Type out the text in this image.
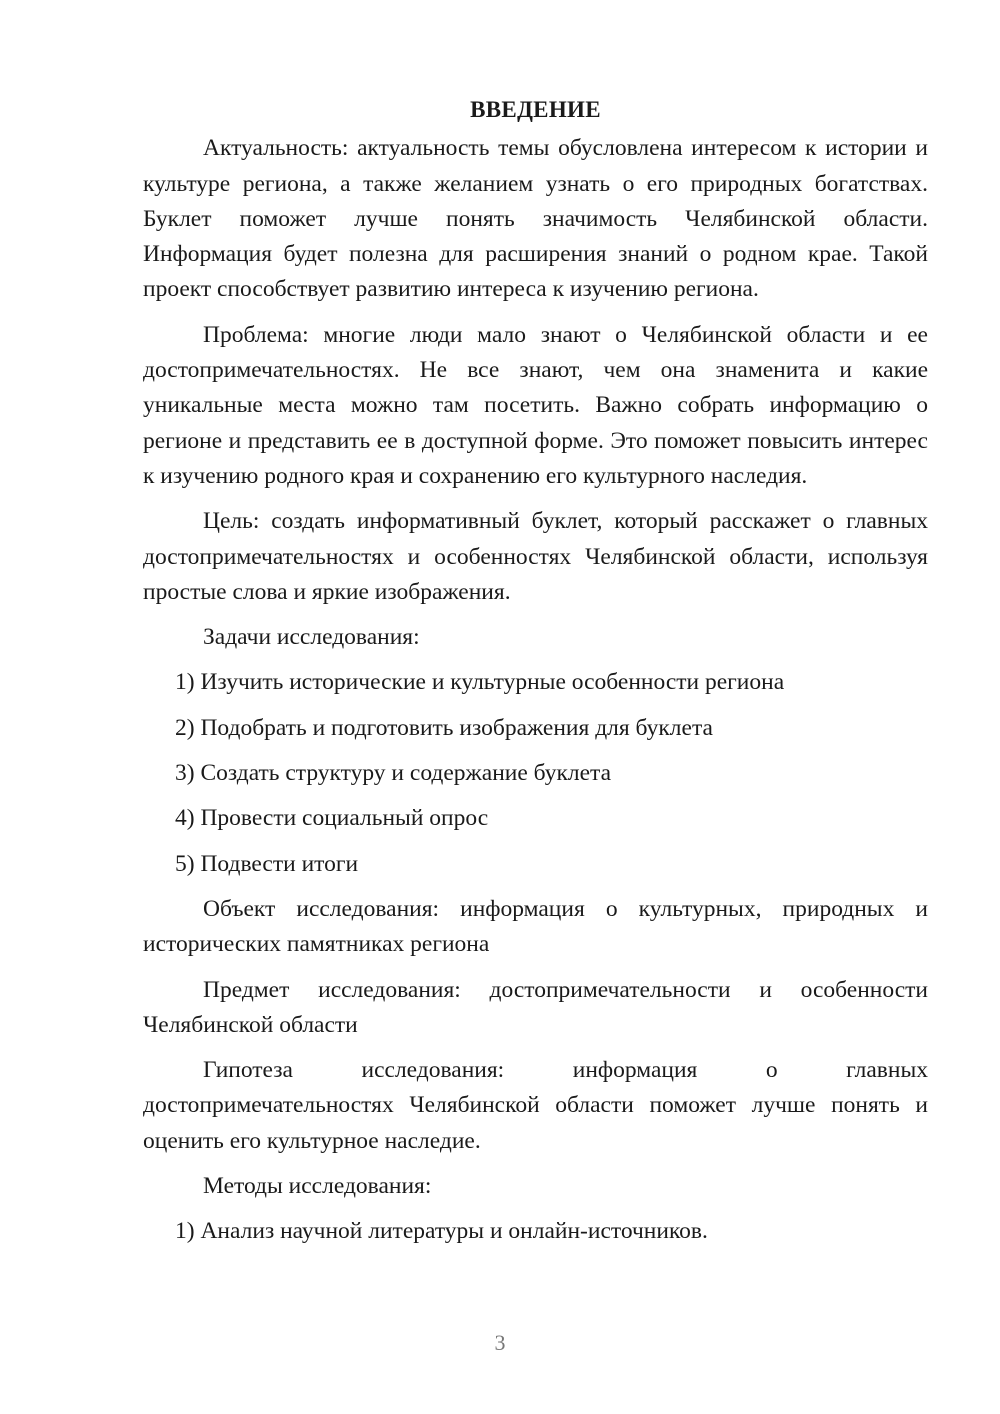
ВВЕДЕНИЕ

Актуальность: актуальность темы обусловлена интересом к истории и культуре региона, а также желанием узнать о его природных богатствах. Буклет поможет лучше понять значимость Челябинской области. Информация будет полезна для расширения знаний о родном крае. Такой проект способствует развитию интереса к изучению региона.

Проблема: многие люди мало знают о Челябинской области и ее достопримечательностях. Не все знают, чем она знаменита и какие уникальные места можно там посетить. Важно собрать информацию о регионе и представить ее в доступной форме. Это поможет повысить интерес к изучению родного края и сохранению его культурного наследия.

Цель: создать информативный буклет, который расскажет о главных достопримечательностях и особенностях Челябинской области, используя простые слова и яркие изображения.

Задачи исследования:

1) Изучить исторические и культурные особенности региона

2) Подобрать и подготовить изображения для буклета

3) Создать структуру и содержание буклета

4) Провести социальный опрос

5) Подвести итоги

Объект исследования: информация о культурных, природных и исторических памятниках региона

Предмет исследования: достопримечательности и особенности Челябинской области

Гипотеза исследования: информация о главных достопримечательностях Челябинской области поможет лучше понять и оценить его культурное наследие.

Методы исследования:

1) Анализ научной литературы и онлайн-источников.

3
